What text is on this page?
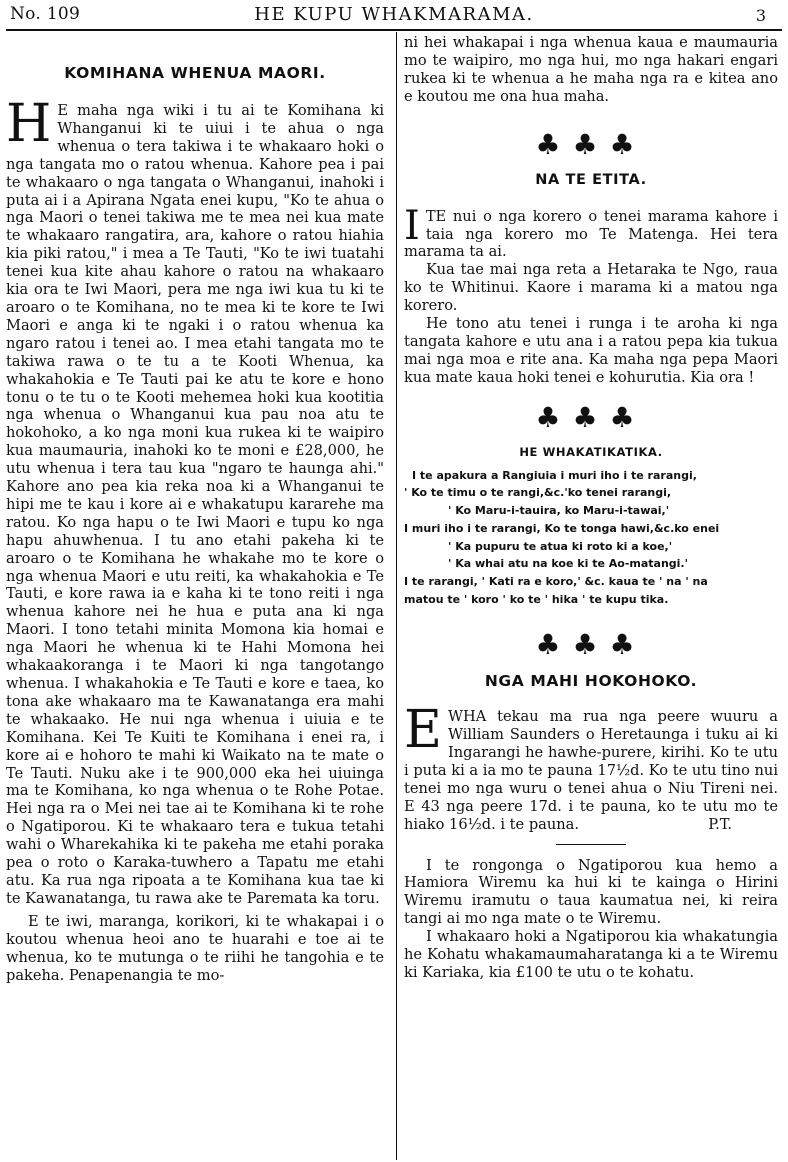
No. 109	HE KUPU WHAKMARAMA.	3
KOMIHANA WHENUA MAORI.

H E maha nga wiki i tu ai te Komihana ki Whanganui ki te uiui i te ahua o nga whenua o tera takiwa i te whakaaro hoki o nga tangata mo o ratou whenua. Kahore pea i pai te whakaaro o nga tangata o Whanganui, inahoki i puta ai i a Apirana Ngata enei kupu, "Ko te ahua o nga Maori o tenei takiwa me te mea nei kua mate te whakaaro rangatira, ara, kahore o ratou hiahia kia piki ratou," i mea a Te Tauti, "Ko te iwi tuatahi tenei kua kite ahau kahore o ratou na whakaaro kia ora te Iwi Maori, pera me nga iwi kua tu ki te aroaro o te Komihana, no te mea ki te kore te Iwi Maori e anga ki te ngaki i o ratou whenua ka ngaro ratou i tenei ao. I mea etahi tangata mo te takiwa rawa o te tu a te Kooti Whenua, ka whakahokia e Te Tauti pai ke atu te kore e hono tonu o te tu o te Kooti mehemea hoki kua kootitia nga whenua o Whanganui kua pau noa atu te hokohoko, a ko nga moni kua rukea ki te waipiro kua maumauria, inahoki ko te moni e £28,000, he utu whenua i tera tau kua "ngaro te haunga ahi." Kahore ano pea kia reka noa ki a Whanganui te hipi me te kau i kore ai e whakatupu kararehe ma ratou. Ko nga hapu o te Iwi Maori e tupu ko nga hapu ahuwhenua. I tu ano etahi pakeha ki te aroaro o te Komihana he whakahe mo te kore o nga whenua Maori e utu reiti, ka whakahokia e Te Tauti, e kore rawa ia e kaha ki te tono reiti i nga whenua kahore nei he hua e puta ana ki nga Maori. I tono tetahi minita Momona kia homai e nga Maori he whenua ki te Hahi Momona hei whakaakoranga i te Maori ki nga tangotango whenua. I whakahokia e Te Tauti e kore e taea, ko tona ake whakaaro ma te Kawanatanga era mahi te whakaako. He nui nga whenua i uiuia e te Komihana. Kei Te Kuiti te Komihana i enei ra, i kore ai e hohoro te mahi ki Waikato na te mate o Te Tauti. Nuku ake i te 900,000 eka hei uiuinga ma te Komihana, ko nga whenua o te Rohe Potae. Hei nga ra o Mei nei tae ai te Komihana ki te rohe o Ngatiporou. Ki te whakaaro tera e tukua tetahi wahi o Wharekahika ki te pakeha me etahi poraka pea o roto o Karaka-tuwhero a Tapatu me etahi atu. Ka rua nga ripoata a te Komihana kua tae ki te Kawanatanga, tu rawa ake te Paremata ka toru.

E te iwi, maranga, korikori, ki te whakapai i o koutou whenua heoi ano te huarahi e toe ai te whenua, ko te mutunga o te riihi he tangohia e te pakeha. Penapenangia te mo-

ni hei whakapai i nga whenua kaua e maumauria mo te waipiro, mo nga hui, mo nga hakari engari rukea ki te whenua a he maha nga ra e kitea ano e koutou me ona hua maha.

♣♣♣
NA TE ETITA.

ITE nui o nga korero o tenei marama kahore i taia nga korero mo Te Matenga. Hei tera marama ta ai.

Kua tae mai nga reta a Hetaraka te Ngo, raua ko te Whitinui. Kaore i marama ki a matou nga korero.

He tono atu tenei i runga i te aroha ki nga tangata kahore e utu ana i a ratou pepa kia tukua mai nga moa e rite ana. Ka maha nga pepa Maori kua mate kaua hoki tenei e kohurutia. Kia ora !

♣♣♣
HE WHAKATIKATIKA.
I te apakura a Rangiuia i muri iho i te rarangi,
' Ko te timu o te rangi,&c.'ko tenei rarangi,
' Ko Maru-i-tauira, ko Maru-i-tawai,'
I muri iho i te rarangi, Ko te tonga hawi,&c.ko enei
' Ka pupuru te atua ki roto ki a koe,'
' Ka whai atu na koe ki te Ao-matangi.'
I te rarangi, ' Kati ra e koro,' &c. kaua te ' na ' na
matou te ' koro ' ko te ' hika ' te kupu tika.
♣♣♣
NGA MAHI HOKOHOKO.

EWHA tekau ma rua nga peere wuuru a William Saunders o Heretaunga i tuku ai ki Ingarangi he hawhe-purere, kirihi. Ko te utu i puta ki a ia mo te pauna 17½d. Ko te utu tino nui tenei mo nga wuru o tenei ahua o Niu Tireni nei. E 43 nga peere 17d. i te pauna, ko te utu mo te hiako 16½d. i te pauna.	P.T.

I te rongonga o Ngatiporou kua hemo a Hamiora Wiremu ka hui ki te kainga o Hirini Wiremu iramutu o taua kaumatua nei, ki reira tangi ai mo nga mate o te Wiremu.

I whakaaro hoki a Ngatiporou kia whakatungia he Kohatu whakamaumaharatanga ki a te Wiremu ki Kariaka, kia £100 te utu o te kohatu.
